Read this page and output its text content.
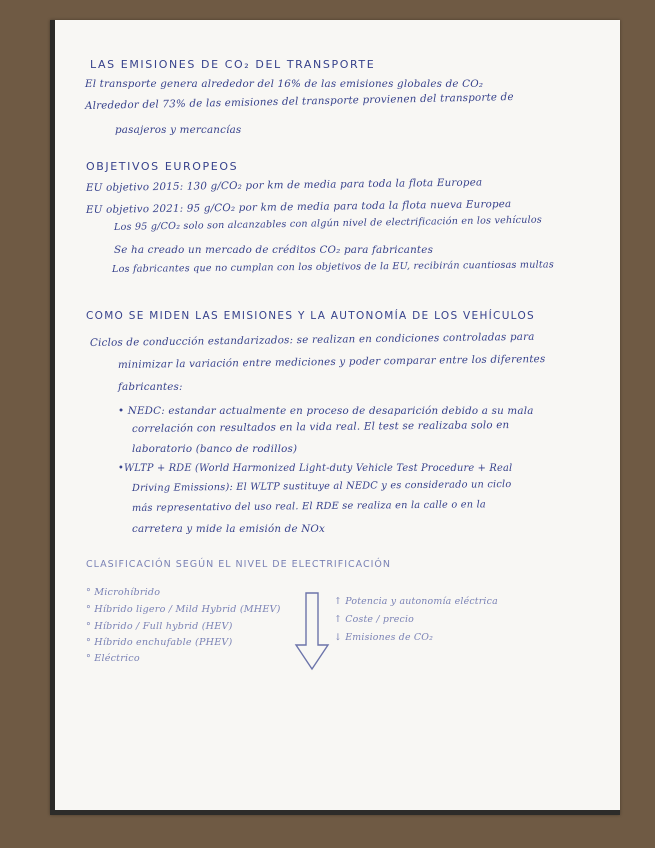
LAS EMISIONES DE CO₂ DEL TRANSPORTE
El transporte genera alrededor del 16% de las emisiones globales de CO₂
Alrededor del 73% de las emisiones del transporte provienen del transporte de
pasajeros y mercancías
OBJETIVOS EUROPEOS
EU objetivo 2015: 130 g/CO₂ por km de media para toda la flota Europea
EU objetivo 2021: 95 g/CO₂ por km de media para toda la flota nueva Europea
Los 95 g/CO₂ solo son alcanzables con algún nivel de electrificación en los vehículos
Se ha creado un mercado de créditos CO₂ para fabricantes
Los fabricantes que no cumplan con los objetivos de la EU, recibirán cuantiosas multas
COMO SE MIDEN LAS EMISIONES Y LA AUTONOMÍA DE LOS VEHÍCULOS
Ciclos de conducción estandarizados: se realizan en condiciones controladas para
minimizar la variación entre mediciones y poder comparar entre los diferentes
fabricantes:
• NEDC: estandar actualmente en proceso de desaparición debido a su mala
correlación con resultados en la vida real. El test se realizaba solo en
laboratorio (banco de rodillos)
•WLTP + RDE (World Harmonized Light-duty Vehicle Test Procedure + Real
Driving Emissions): El WLTP sustituye al NEDC y es considerado un ciclo
más representativo del uso real. El RDE se realiza en la calle o en la
carretera y mide la emisión de NOx
CLASIFICACIÓN SEGÚN EL NIVEL DE ELECTRIFICACIÓN
° Microhíbrido
° Híbrido ligero / Mild Hybrid (MHEV)
° Híbrido / Full hybrid (HEV)
° Híbrido enchufable (PHEV)
° Eléctrico
↑ Potencia y autonomía eléctrica
↑ Coste / precio
↓ Emisiones de CO₂
